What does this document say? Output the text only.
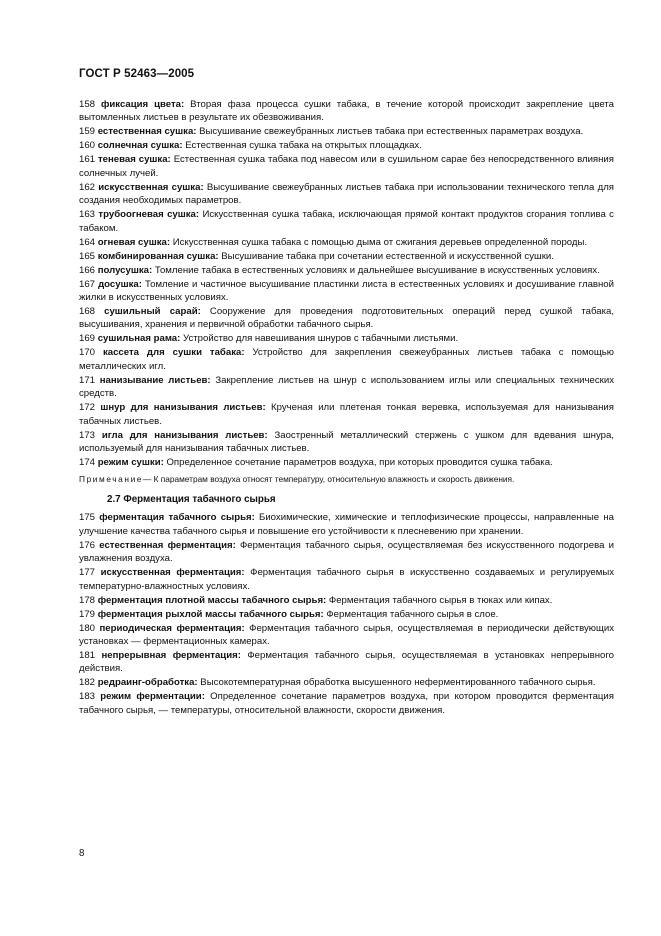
ГОСТ Р 52463—2005
158 фиксация цвета: Вторая фаза процесса сушки табака, в течение которой происходит закрепление цвета вытомленных листьев в результате их обезвоживания.
159 естественная сушка: Высушивание свежеубранных листьев табака при естественных параметрах воздуха.
160 солнечная сушка: Естественная сушка табака на открытых площадках.
161 теневая сушка: Естественная сушка табака под навесом или в сушильном сарае без непосредственного влияния солнечных лучей.
162 искусственная сушка: Высушивание свежеубранных листьев табака при использовании технического тепла для создания необходимых параметров.
163 трубоогневая сушка: Искусственная сушка табака, исключающая прямой контакт продуктов сгорания топлива с табаком.
164 огневая сушка: Искусственная сушка табака с помощью дыма от сжигания деревьев определенной породы.
165 комбинированная сушка: Высушивание табака при сочетании естественной и искусственной сушки.
166 полусушка: Томление табака в естественных условиях и дальнейшее высушивание в искусственных условиях.
167 досушка: Томление и частичное высушивание пластинки листа в естественных условиях и досушивание главной жилки в искусственных условиях.
168 сушильный сарай: Сооружение для проведения подготовительных операций перед сушкой табака, высушивания, хранения и первичной обработки табачного сырья.
169 сушильная рама: Устройство для навешивания шнуров с табачными листьями.
170 кассета для сушки табака: Устройство для закрепления свежеубранных листьев табака с помощью металлических игл.
171 нанизывание листьев: Закрепление листьев на шнур с использованием иглы или специальных технических средств.
172 шнур для нанизывания листьев: Крученая или плетеная тонкая веревка, используемая для нанизывания табачных листьев.
173 игла для нанизывания листьев: Заостренный металлический стержень с ушком для вдевания шнура, используемый для нанизывания табачных листьев.
174 режим сушки: Определенное сочетание параметров воздуха, при которых проводится сушка табака.
Примечание— К параметрам воздуха относят температуру, относительную влажность и скорость движения.
2.7 Ферментация табачного сырья
175 ферментация табачного сырья: Биохимические, химические и теплофизические процессы, направленные на улучшение качества табачного сырья и повышение его устойчивости к плесневению при хранении.
176 естественная ферментация: Ферментация табачного сырья, осуществляемая без искусственного подогрева и увлажнения воздуха.
177 искусственная ферментация: Ферментация табачного сырья в искусственно создаваемых и регулируемых температурно-влажностных условиях.
178 ферментация плотной массы табачного сырья: Ферментация табачного сырья в тюках или кипах.
179 ферментация рыхлой массы табачного сырья: Ферментация табачного сырья в слое.
180 периодическая ферментация: Ферментация табачного сырья, осуществляемая в периодически действующих установках — ферментационных камерах.
181 непрерывная ферментация: Ферментация табачного сырья, осуществляемая в установках непрерывного действия.
182 редраинг-обработка: Высокотемпературная обработка высушенного неферментированного табачного сырья.
183 режим ферментации: Определенное сочетание параметров воздуха, при котором проводится ферментация табачного сырья, — температуры, относительной влажности, скорости движения.
8
